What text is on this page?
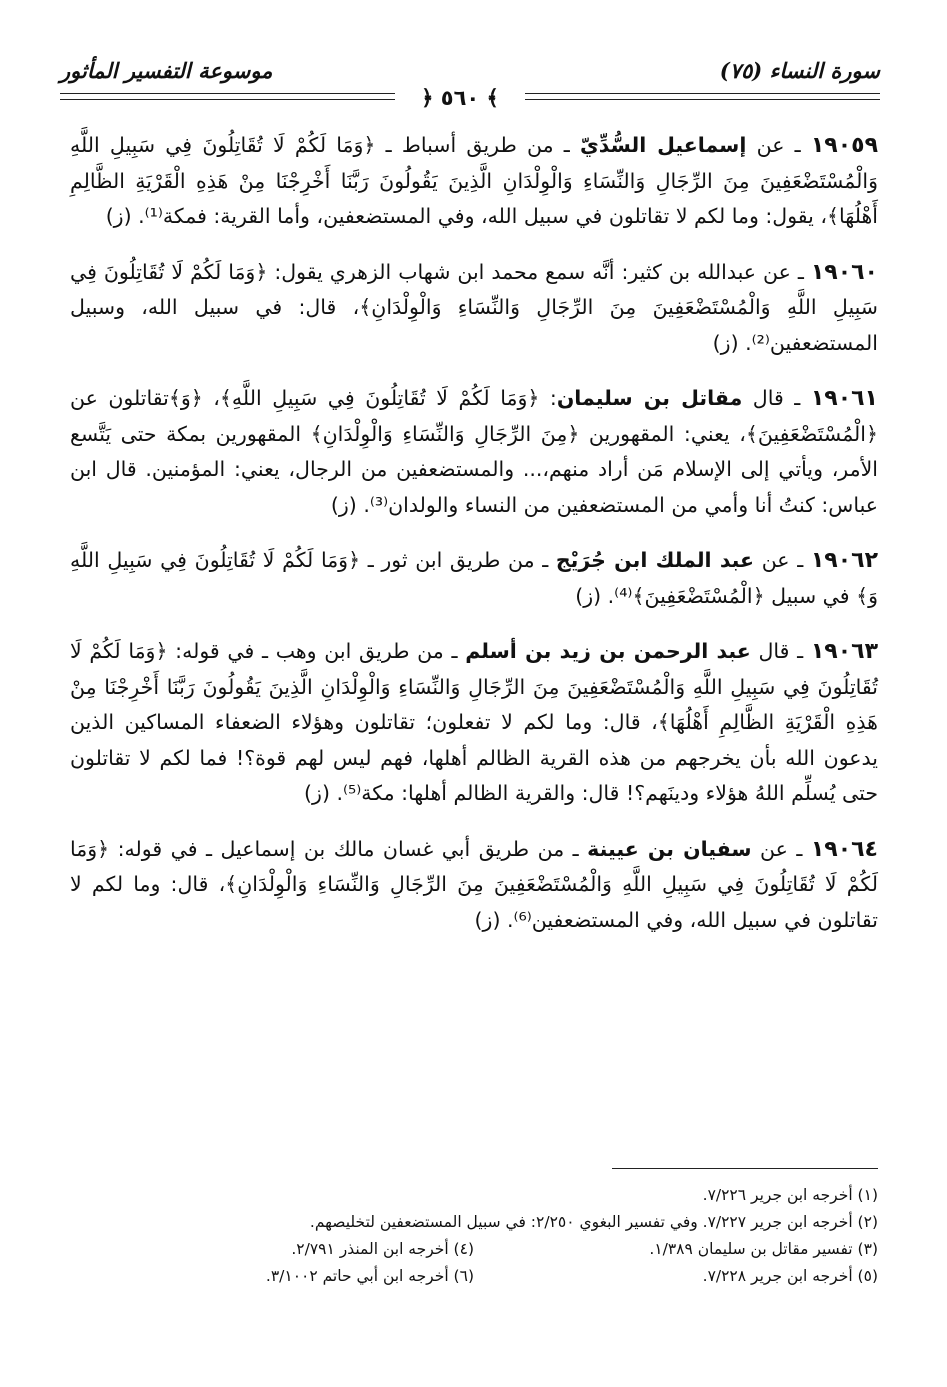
سورة النساء (٧٥)
موسوعة التفسير المأثور
﴾ ٥٦٠ ﴿

١٩٠٥٩ ـ عن إسماعيل السُّدِّيّ ـ من طريق أسباط ـ ﴿وَمَا لَكُمْ لَا تُقَاتِلُونَ فِي سَبِيلِ اللَّهِ وَالْمُسْتَضْعَفِينَ مِنَ الرِّجَالِ وَالنِّسَاءِ وَالْوِلْدَانِ الَّذِينَ يَقُولُونَ رَبَّنَا أَخْرِجْنَا مِنْ هَذِهِ الْقَرْيَةِ الظَّالِمِ أَهْلُهَا﴾، يقول: وما لكم لا تقاتلون في سبيل الله، وفي المستضعفين، وأما القرية: فمكة⁽¹⁾. (ز)

١٩٠٦٠ ـ عن عبدالله بن كثير: أنَّه سمع محمد ابن شهاب الزهري يقول: ﴿وَمَا لَكُمْ لَا تُقَاتِلُونَ فِي سَبِيلِ اللَّهِ وَالْمُسْتَضْعَفِينَ مِنَ الرِّجَالِ وَالنِّسَاءِ وَالْوِلْدَانِ﴾، قال: في سبيل الله، وسبيل المستضعفين⁽²⁾. (ز)

١٩٠٦١ ـ قال مقاتل بن سليمان: ﴿وَمَا لَكُمْ لَا تُقَاتِلُونَ فِي سَبِيلِ اللَّهِ﴾، ﴿وَ﴾تقاتلون عن ﴿الْمُسْتَضْعَفِينَ﴾، يعني: المقهورين ﴿مِنَ الرِّجَالِ وَالنِّسَاءِ وَالْوِلْدَانِ﴾ المقهورين بمكة حتى يَتَّسع الأمر، ويأتي إلى الإسلام مَن أراد منهم،... والمستضعفين من الرجال، يعني: المؤمنين. قال ابن عباس: كنتُ أنا وأمي من المستضعفين من النساء والولدان⁽³⁾. (ز)

١٩٠٦٢ ـ عن عبد الملك ابن جُرَيْج ـ من طريق ابن ثور ـ ﴿وَمَا لَكُمْ لَا تُقَاتِلُونَ فِي سَبِيلِ اللَّهِ وَ﴾ في سبيل ﴿الْمُسْتَضْعَفِينَ﴾⁽⁴⁾. (ز)

١٩٠٦٣ ـ قال عبد الرحمن بن زيد بن أسلم ـ من طريق ابن وهب ـ في قوله: ﴿وَمَا لَكُمْ لَا تُقَاتِلُونَ فِي سَبِيلِ اللَّهِ وَالْمُسْتَضْعَفِينَ مِنَ الرِّجَالِ وَالنِّسَاءِ وَالْوِلْدَانِ الَّذِينَ يَقُولُونَ رَبَّنَا أَخْرِجْنَا مِنْ هَذِهِ الْقَرْيَةِ الظَّالِمِ أَهْلُهَا﴾، قال: وما لكم لا تفعلون؛ تقاتلون وهؤلاء الضعفاء المساكين الذين يدعون الله بأن يخرجهم من هذه القرية الظالم أهلها، فهم ليس لهم قوة؟! فما لكم لا تقاتلون حتى يُسلِّم اللهُ هؤلاء ودينَهم؟! قال: والقرية الظالم أهلها: مكة⁽⁵⁾. (ز)

١٩٠٦٤ ـ عن سفيان بن عيينة ـ من طريق أبي غسان مالك بن إسماعيل ـ في قوله: ﴿وَمَا لَكُمْ لَا تُقَاتِلُونَ فِي سَبِيلِ اللَّهِ وَالْمُسْتَضْعَفِينَ مِنَ الرِّجَالِ وَالنِّسَاءِ وَالْوِلْدَانِ﴾، قال: وما لكم لا تقاتلون في سبيل الله، وفي المستضعفين⁽⁶⁾. (ز)

(١) أخرجه ابن جرير ٧/٢٢٦.
(٢) أخرجه ابن جرير ٧/٢٢٧. وفي تفسير البغوي ٢/٢٥٠: في سبيل المستضعفين لتخليصهم.
(٣) تفسير مقاتل بن سليمان ١/٣٨٩.
(٤) أخرجه ابن المنذر ٢/٧٩١.
(٥) أخرجه ابن جرير ٧/٢٢٨.
(٦) أخرجه ابن أبي حاتم ٣/١٠٠٢.
